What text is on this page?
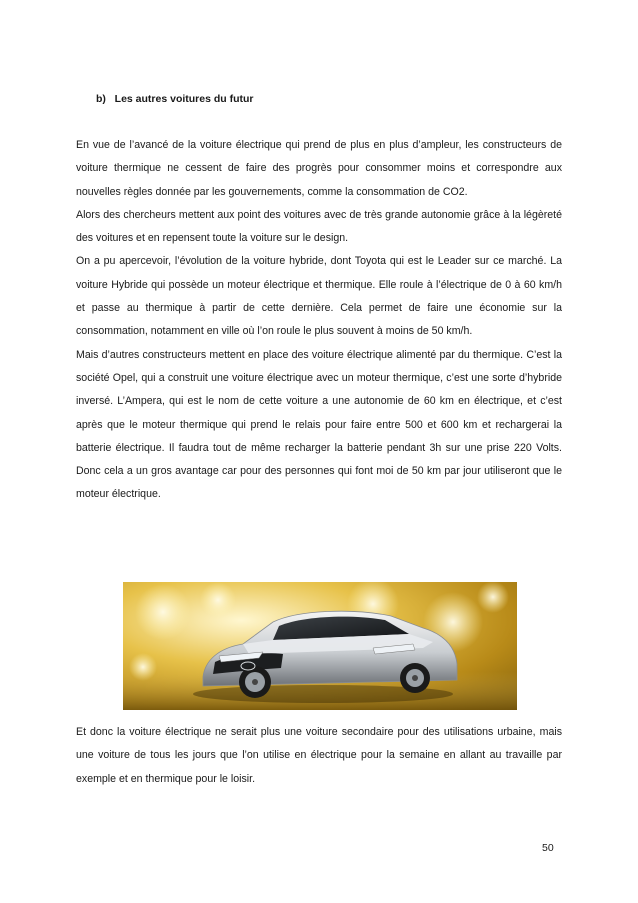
b)   Les autres voitures du futur

En vue de l’avancé de la voiture électrique qui prend de plus en plus d’ampleur, les constructeurs de voiture thermique ne cessent de faire des progrès pour consommer moins et correspondre aux nouvelles règles donnée par les gouvernements, comme la consommation de CO2.

Alors des chercheurs mettent aux point des voitures avec de très grande autonomie grâce à la légèreté des voitures et en repensent toute la voiture sur le design.

On a pu apercevoir, l’évolution de la voiture hybride, dont Toyota qui est le Leader sur ce marché. La voiture Hybride qui possède un moteur électrique et thermique. Elle roule à l’électrique de 0 à 60 km/h et passe au thermique à partir de cette dernière. Cela permet de faire une économie sur la consommation, notamment en ville où l’on roule le plus souvent à moins de 50 km/h.

Mais d’autres constructeurs mettent en place des voiture électrique alimenté par du thermique. C’est la société Opel, qui a construit une voiture électrique avec un moteur thermique, c’est une sorte d’hybride inversé. L’Ampera, qui est le nom de cette voiture a une autonomie de 60 km en électrique, et c’est après que le moteur thermique qui prend le relais pour faire entre 500 et 600 km et rechargerai la batterie électrique. Il faudra tout de même recharger la batterie pendant 3h sur une prise 220 Volts. Donc cela a un gros avantage car pour des personnes qui font moi de 50 km par jour utiliseront que le moteur électrique.

Et donc la voiture électrique ne serait plus une voiture secondaire pour des utilisations urbaine, mais une voiture de tous les jours que l’on utilise en électrique pour la semaine en allant au travaille par exemple et en thermique pour le loisir.

50
